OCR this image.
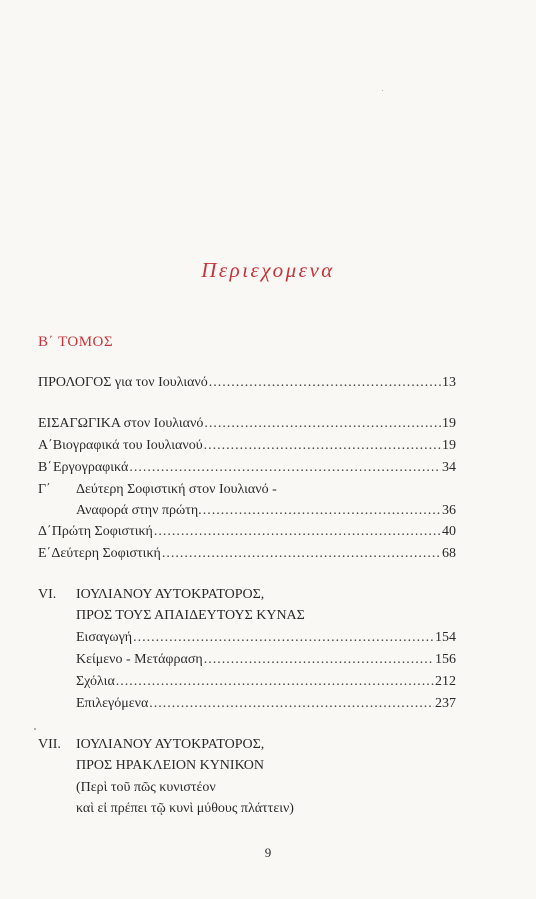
Περιεχομενα
Β΄ ΤΟΜΟΣ
ΠΡΟΛΟΓΟΣ για τον Ιουλιανό .....	13
ΕΙΣΑΓΩΓΙΚΑ στον Ιουλιανό .....	19
Α΄ Βιογραφικά του Ιουλιανού .....	19
Β΄ Εργογραφικά .....	34
Γ΄	Δεύτερη Σοφιστική στον Ιουλιανό -
Αναφορά στην πρώτη. .....	36
Δ΄ Πρώτη Σοφιστική .....	40
Ε΄ Δεύτερη Σοφιστική .....	68
VI.	ΙΟΥΛΙΑΝΟΥ ΑΥΤΟΚΡΑΤΟΡΟΣ,
ΠΡΟΣ ΤΟΥΣ ΑΠΑΙΔΕΥΤΟΥΣ ΚΥΝΑΣ
Εισαγωγή .....	154
Κείμενο - Μετάφραση .....	156
Σχόλια .....	212
Επιλεγόμενα .....	237
VII.	ΙΟΥΛΙΑΝΟΥ ΑΥΤΟΚΡΑΤΟΡΟΣ,
ΠΡΟΣ ΗΡΑΚΛΕΙΟΝ ΚΥΝΙΚΟΝ
(Περὶ τοῦ πῶς κυνιστέον
καὶ εἰ πρέπει τῷ κυνὶ μύθους πλάττειν)
9
